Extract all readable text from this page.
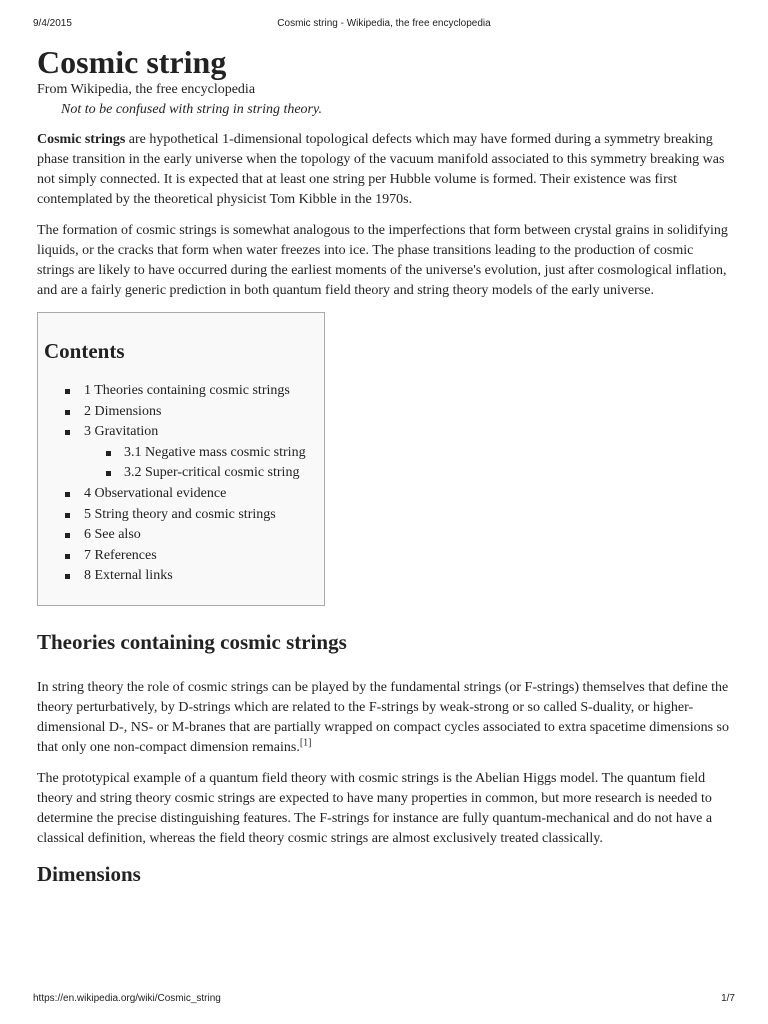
9/4/2015	Cosmic string - Wikipedia, the free encyclopedia
Cosmic string
From Wikipedia, the free encyclopedia
Not to be confused with string in string theory.

Cosmic strings are hypothetical 1-dimensional topological defects which may have formed during a symmetry breaking phase transition in the early universe when the topology of the vacuum manifold associated to this symmetry breaking was not simply connected. It is expected that at least one string per Hubble volume is formed. Their existence was first contemplated by the theoretical physicist Tom Kibble in the 1970s.

The formation of cosmic strings is somewhat analogous to the imperfections that form between crystal grains in solidifying liquids, or the cracks that form when water freezes into ice. The phase transitions leading to the production of cosmic strings are likely to have occurred during the earliest moments of the universe's evolution, just after cosmological inflation, and are a fairly generic prediction in both quantum field theory and string theory models of the early universe.

Contents
1 Theories containing cosmic strings
2 Dimensions
3 Gravitation
3.1 Negative mass cosmic string
3.2 Super-critical cosmic string
4 Observational evidence
5 String theory and cosmic strings
6 See also
7 References
8 External links
Theories containing cosmic strings

In string theory the role of cosmic strings can be played by the fundamental strings (or F-strings) themselves that define the theory perturbatively, by D-strings which are related to the F-strings by weak-strong or so called S-duality, or higher-dimensional D-, NS- or M-branes that are partially wrapped on compact cycles associated to extra spacetime dimensions so that only one non-compact dimension remains.[1]

The prototypical example of a quantum field theory with cosmic strings is the Abelian Higgs model. The quantum field theory and string theory cosmic strings are expected to have many properties in common, but more research is needed to determine the precise distinguishing features. The F-strings for instance are fully quantum-mechanical and do not have a classical definition, whereas the field theory cosmic strings are almost exclusively treated classically.

Dimensions
https://en.wikipedia.org/wiki/Cosmic_string	1/7
